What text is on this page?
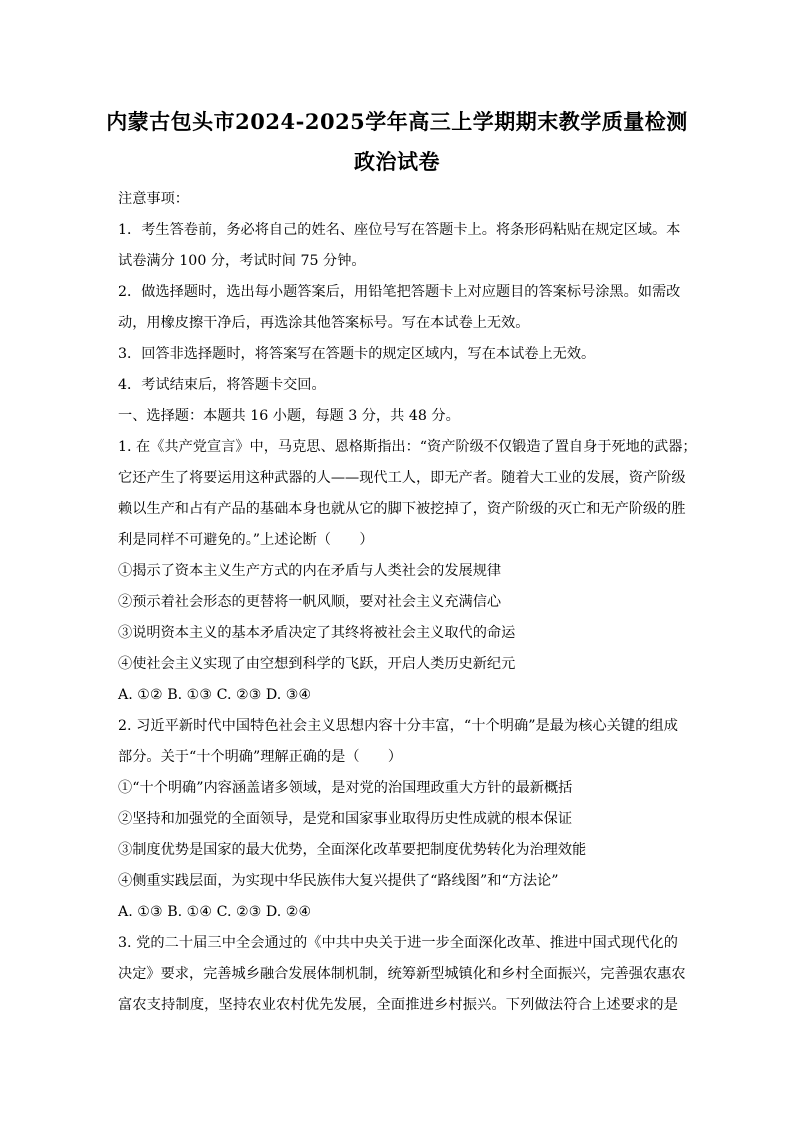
内蒙古包头市2024-2025学年高三上学期期末教学质量检测
政治试卷
注意事项：
1．考生答卷前，务必将自己的姓名、座位号写在答题卡上。将条形码粘贴在规定区域。本
试卷满分 100 分，考试时间 75 分钟。
2．做选择题时，选出每小题答案后，用铅笔把答题卡上对应题目的答案标号涂黑。如需改
动，用橡皮擦干净后，再选涂其他答案标号。写在本试卷上无效。
3．回答非选择题时，将答案写在答题卡的规定区域内，写在本试卷上无效。
4．考试结束后，将答题卡交回。
一、选择题：本题共 16 小题，每题 3 分，共 48 分。
1. 在《共产党宣言》中，马克思、恩格斯指出：“资产阶级不仅锻造了置自身于死地的武器；
它还产生了将要运用这种武器的人——现代工人，即无产者。随着大工业的发展，资产阶级
赖以生产和占有产品的基础本身也就从它的脚下被挖掉了，资产阶级的灭亡和无产阶级的胜
利是同样不可避免的。”上述论断（　　）
①揭示了资本主义生产方式的内在矛盾与人类社会的发展规律
②预示着社会形态的更替将一帆风顺，要对社会主义充满信心
③说明资本主义的基本矛盾决定了其终将被社会主义取代的命运
④使社会主义实现了由空想到科学的飞跃，开启人类历史新纪元
A. ①② B. ①③ C. ②③ D. ③④
2. 习近平新时代中国特色社会主义思想内容十分丰富，“十个明确”是最为核心关键的组成
部分。关于“十个明确”理解正确的是（　　）
①“十个明确”内容涵盖诸多领域，是对党的治国理政重大方针的最新概括
②坚持和加强党的全面领导，是党和国家事业取得历史性成就的根本保证
③制度优势是国家的最大优势，全面深化改革要把制度优势转化为治理效能
④侧重实践层面，为实现中华民族伟大复兴提供了“路线图”和“方法论”
A. ①③ B. ①④ C. ②③ D. ②④
3. 党的二十届三中全会通过的《中共中央关于进一步全面深化改革、推进中国式现代化的
决定》要求，完善城乡融合发展体制机制，统筹新型城镇化和乡村全面振兴，完善强农惠农
富农支持制度，坚持农业农村优先发展，全面推进乡村振兴。下列做法符合上述要求的是
